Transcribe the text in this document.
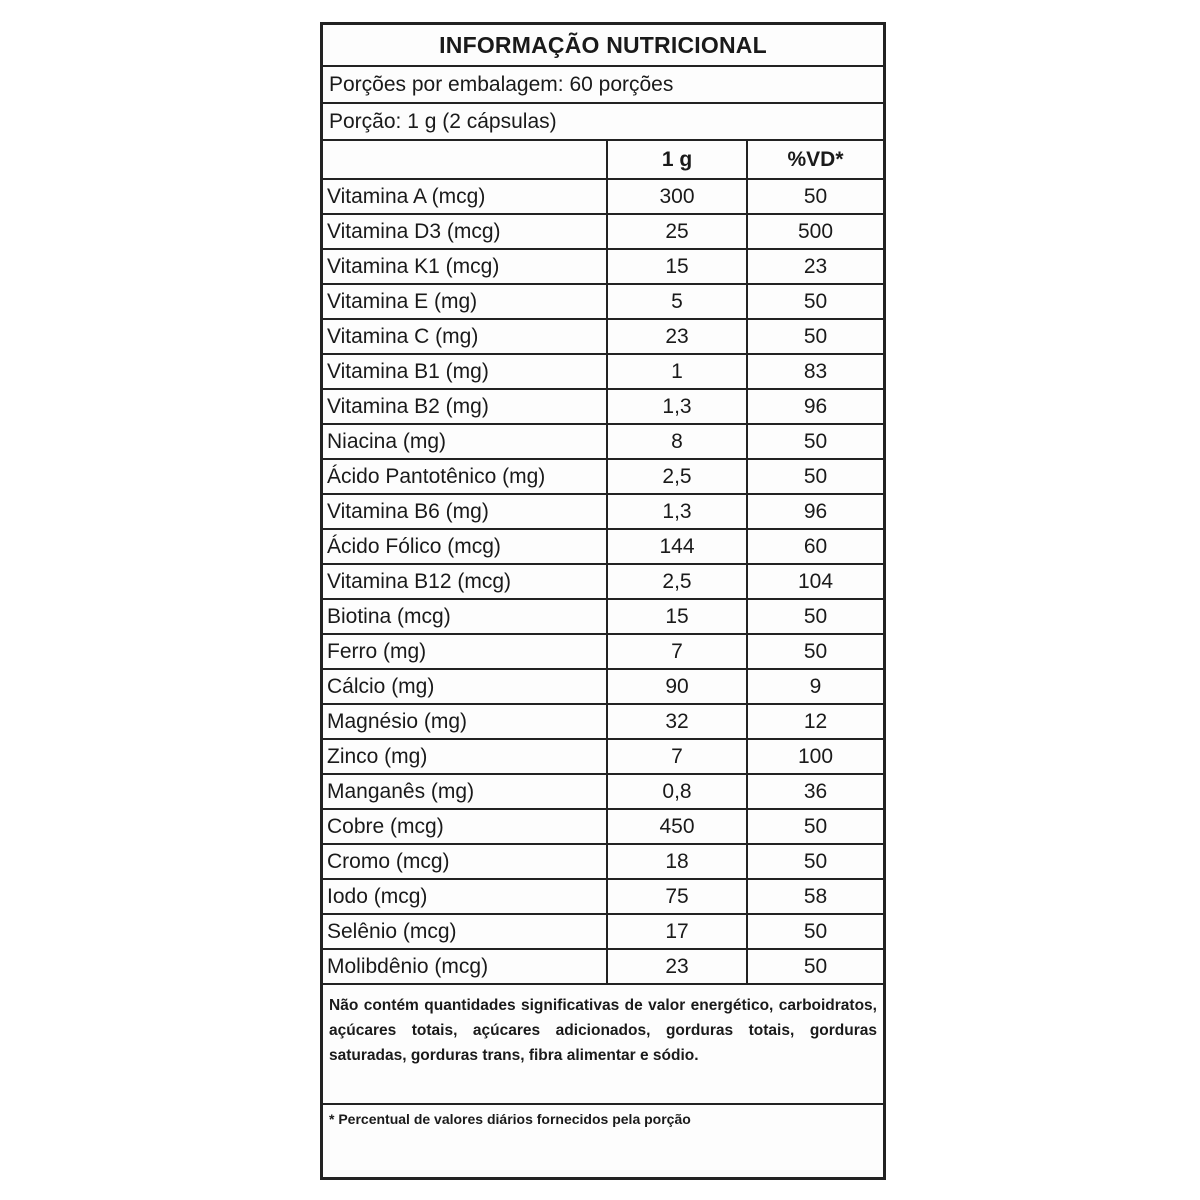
INFORMAÇÃO NUTRICIONAL
Porções por embalagem: 60 porções
Porção: 1 g (2 cápsulas)
	1 g	%VD*
Vitamina A (mcg)	300	50
Vitamina D3 (mcg)	25	500
Vitamina K1 (mcg)	15	23
Vitamina E (mg)	5	50
Vitamina C (mg)	23	50
Vitamina B1 (mg)	1	83
Vitamina B2 (mg)	1,3	96
Niacina (mg)	8	50
Ácido Pantotênico (mg)	2,5	50
Vitamina B6 (mg)	1,3	96
Ácido Fólico (mcg)	144	60
Vitamina B12 (mcg)	2,5	104
Biotina (mcg)	15	50
Ferro (mg)	7	50
Cálcio (mg)	90	9
Magnésio (mg)	32	12
Zinco (mg)	7	100
Manganês (mg)	0,8	36
Cobre (mcg)	450	50
Cromo (mcg)	18	50
Iodo (mcg)	75	58
Selênio (mcg)	17	50
Molibdênio (mcg)	23	50
Não contém quantidades significativas de valor energético, carboidratos, açúcares totais, açúcares adicionados, gorduras totais, gorduras saturadas, gorduras trans, fibra alimentar e sódio.
* Percentual de valores diários fornecidos pela porção
